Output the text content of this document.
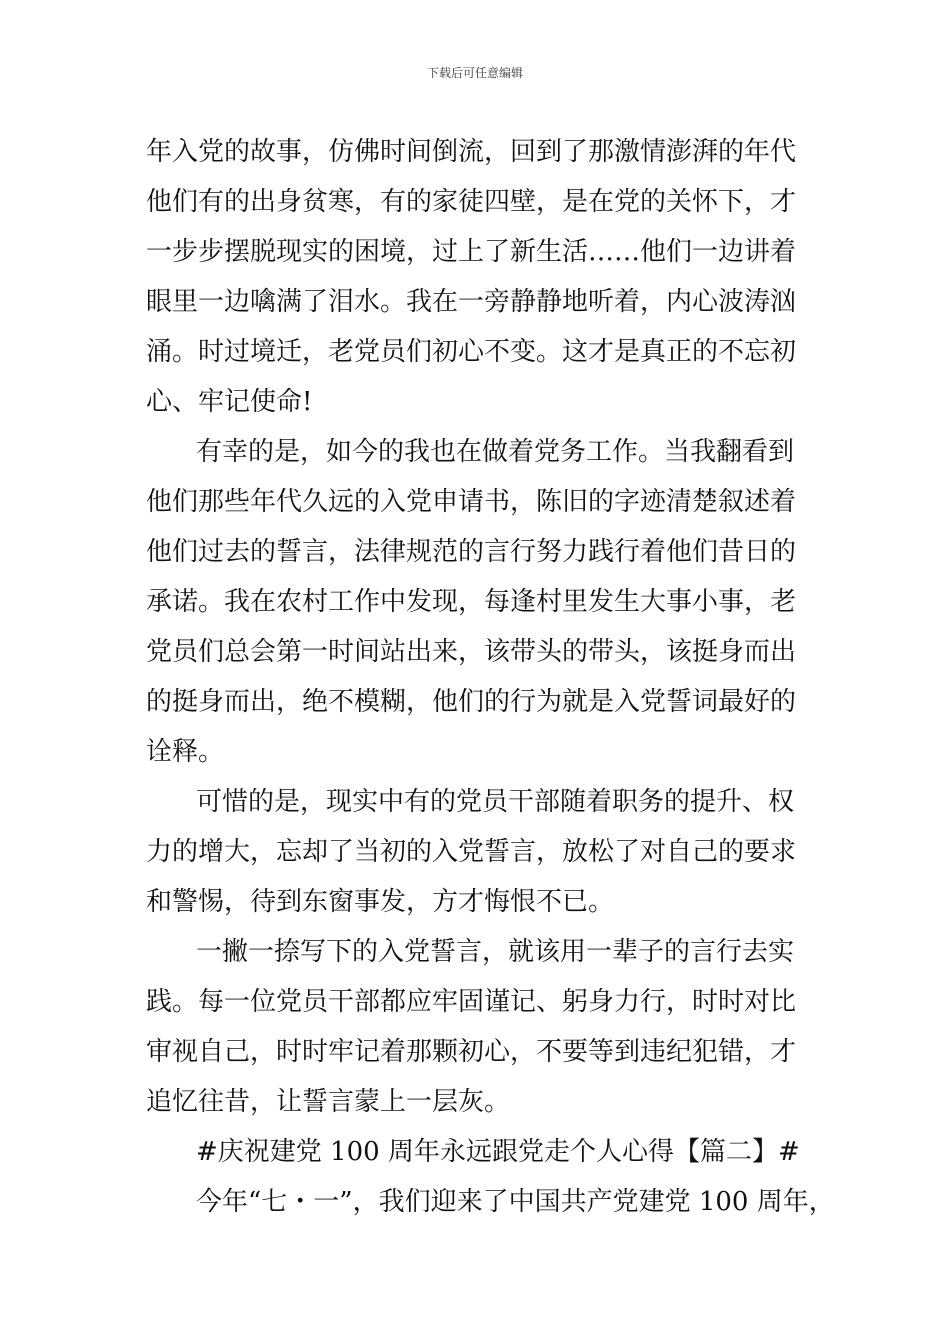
下载后可任意编辑
年入党的故事，仿佛时间倒流，回到了那激情澎湃的年代
他们有的出身贫寒，有的家徒四壁，是在党的关怀下，才
一步步摆脱现实的困境，过上了新生活……他们一边讲着
眼里一边噙满了泪水。我在一旁静静地听着，内心波涛汹
涌。时过境迁，老党员们初心不变。这才是真正的不忘初
心、牢记使命!
有幸的是，如今的我也在做着党务工作。当我翻看到
他们那些年代久远的入党申请书，陈旧的字迹清楚叙述着
他们过去的誓言，法律规范的言行努力践行着他们昔日的
承诺。我在农村工作中发现，每逢村里发生大事小事，老
党员们总会第一时间站出来，该带头的带头，该挺身而出
的挺身而出，绝不模糊，他们的行为就是入党誓词最好的
诠释。
可惜的是，现实中有的党员干部随着职务的提升、权
力的增大，忘却了当初的入党誓言，放松了对自己的要求
和警惕，待到东窗事发，方才悔恨不已。
一撇一捺写下的入党誓言，就该用一辈子的言行去实
践。每一位党员干部都应牢固谨记、躬身力行，时时对比
审视自己，时时牢记着那颗初心，不要等到违纪犯错，才
追忆往昔，让誓言蒙上一层灰。
#庆祝建党 100 周年永远跟党走个人心得【篇二】#
今年“七・一”，我们迎来了中国共产党建党 100 周年，
